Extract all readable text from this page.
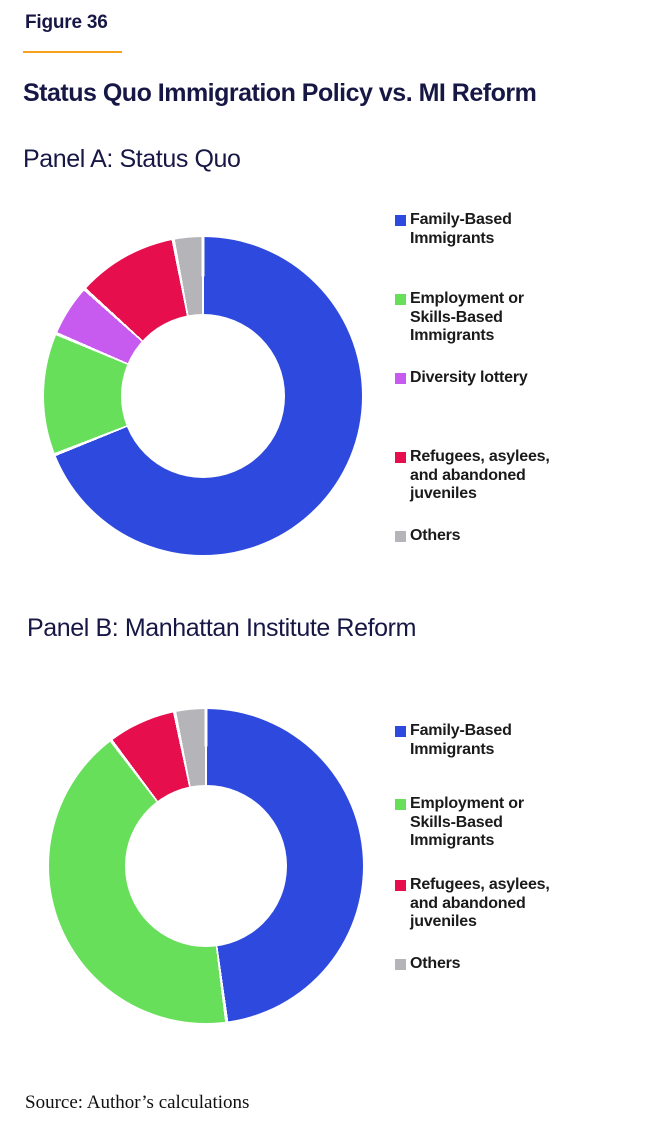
Figure 36
Status Quo Immigration Policy vs. MI Reform
Panel A: Status Quo
Family-Based
Immigrants
Employment or
Skills-Based
Immigrants
Diversity lottery
Refugees, asylees,
and abandoned
juveniles
Others
Panel B: Manhattan Institute Reform
Family-Based
Immigrants
Employment or
Skills-Based
Immigrants
Refugees, asylees,
and abandoned
juveniles
Others
Source: Author’s calculations
